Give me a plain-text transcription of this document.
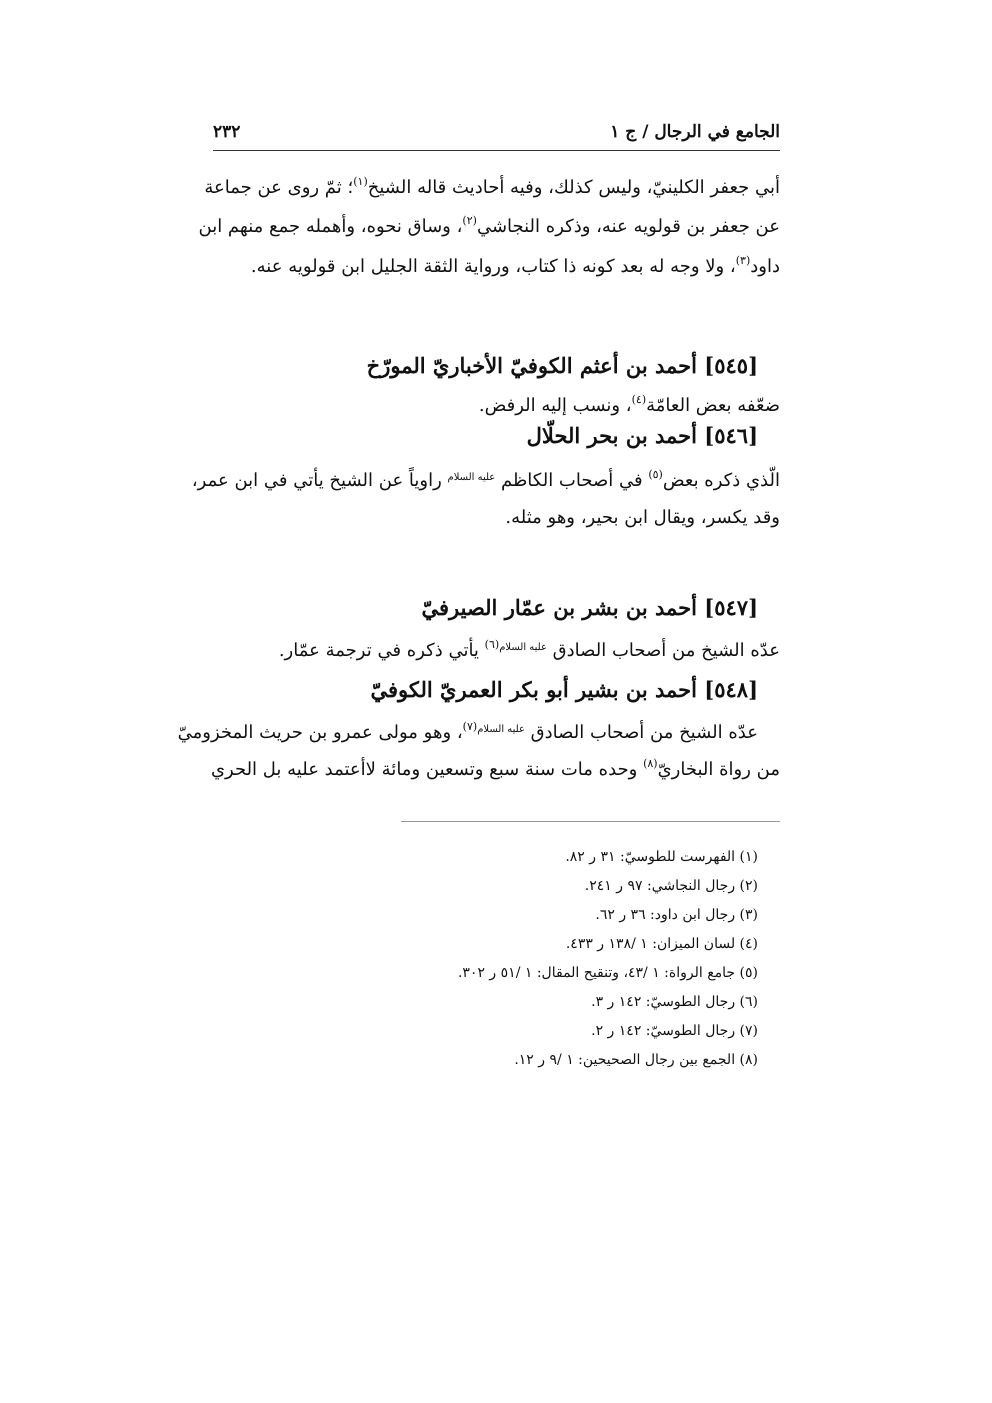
الجامع في الرجال / ج ١
٢٣٢
أبي جعفر الكلينيّ، وليس كذلك، وفيه أحاديث قاله الشيخ$^{(١)}$؛ ثمّ روى عن جماعة
عن جعفر بن قولويه عنه، وذكره النجاشي$^{(٢)}$، وساق نحوه، وأهمله جمع منهم ابن
داود$^{(٣)}$، ولا وجه له بعد كونه ذا كتاب، ورواية الثقة الجليل ابن قولويه عنه.
[٥٤٥] أحمد بن أعثم الكوفيّ الأخباريّ المورّخ
ضعّفه بعض العامّة$^{(٤)}$، ونسب إليه الرفض.
[٥٤٦] أحمد بن بحر الحلّال
الّذي ذكره بعض$^{(٥)}$ في أصحاب الكاظم $^{عليه السلام}$ راوياً عن الشيخ يأتي في ابن عمر،
وقد يكسر، ويقال ابن بحير، وهو مثله.
[٥٤٧] أحمد بن بشر بن عمّار الصيرفيّ
عدّه الشيخ من أصحاب الصادق $^{عليه السلام(٦)}$ يأتي ذكره في ترجمة عمّار.
[٥٤٨] أحمد بن بشير أبو بكر العمريّ الكوفيّ
عدّه الشيخ من أصحاب الصادق $^{عليه السلام(٧)}$، وهو مولى عمرو بن حريث المخزوميّ
من رواة البخاريّ$^{(٨)}$ وحده مات سنة سبع وتسعين ومائة لاأعتمد عليه بل الحري
(١) الفهرست للطوسيّ: ٣١ ر ٨٢.
(٢) رجال النجاشي: ٩٧ ر ٢٤١.
(٣) رجال ابن داود: ٣٦ ر ٦٢.
(٤) لسان الميزان: ١ /١٣٨ ر ٤٣٣.
(٥) جامع الرواة: ١ /٤٣، وتنقيح المقال: ١ /٥١ ر ٣٠٢.
(٦) رجال الطوسيّ: ١٤٢ ر ٣.
(٧) رجال الطوسيّ: ١٤٢ ر ٢.
(٨) الجمع بين رجال الصحيحين: ١ /٩ ر ١٢.
